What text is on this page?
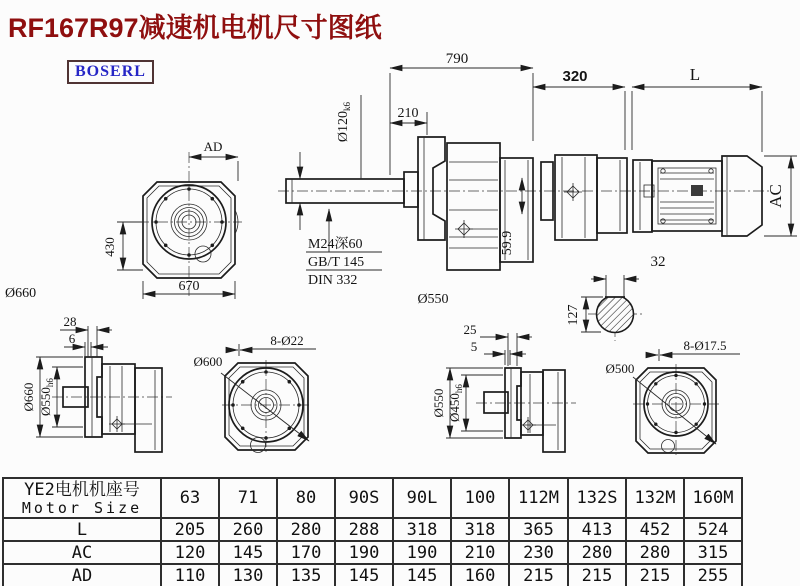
RF167R97减速机电机尺寸图纸
BOSERL
AD
430
670
59.9
790
210
320	L
AC
$Ø120_{k6}$
M24深60
GB/T 145
DIN 332
Ø550
32
127
Ø660
Ø660 $Ø550_{h6}$
28
6
Ø600
8-Ø22
Ø550 $Ø450_{h6}$
25
5
Ø500
8-Ø17.5
YE2电机机座号
Motor Size	63	71	80	90S	90L	100	112M	132S	132M	160M
L	205	260	280	288	318	318	365	413	452	524
AC	120	145	170	190	190	210	230	280	280	315
AD	110	130	135	145	145	160	215	215	215	255
